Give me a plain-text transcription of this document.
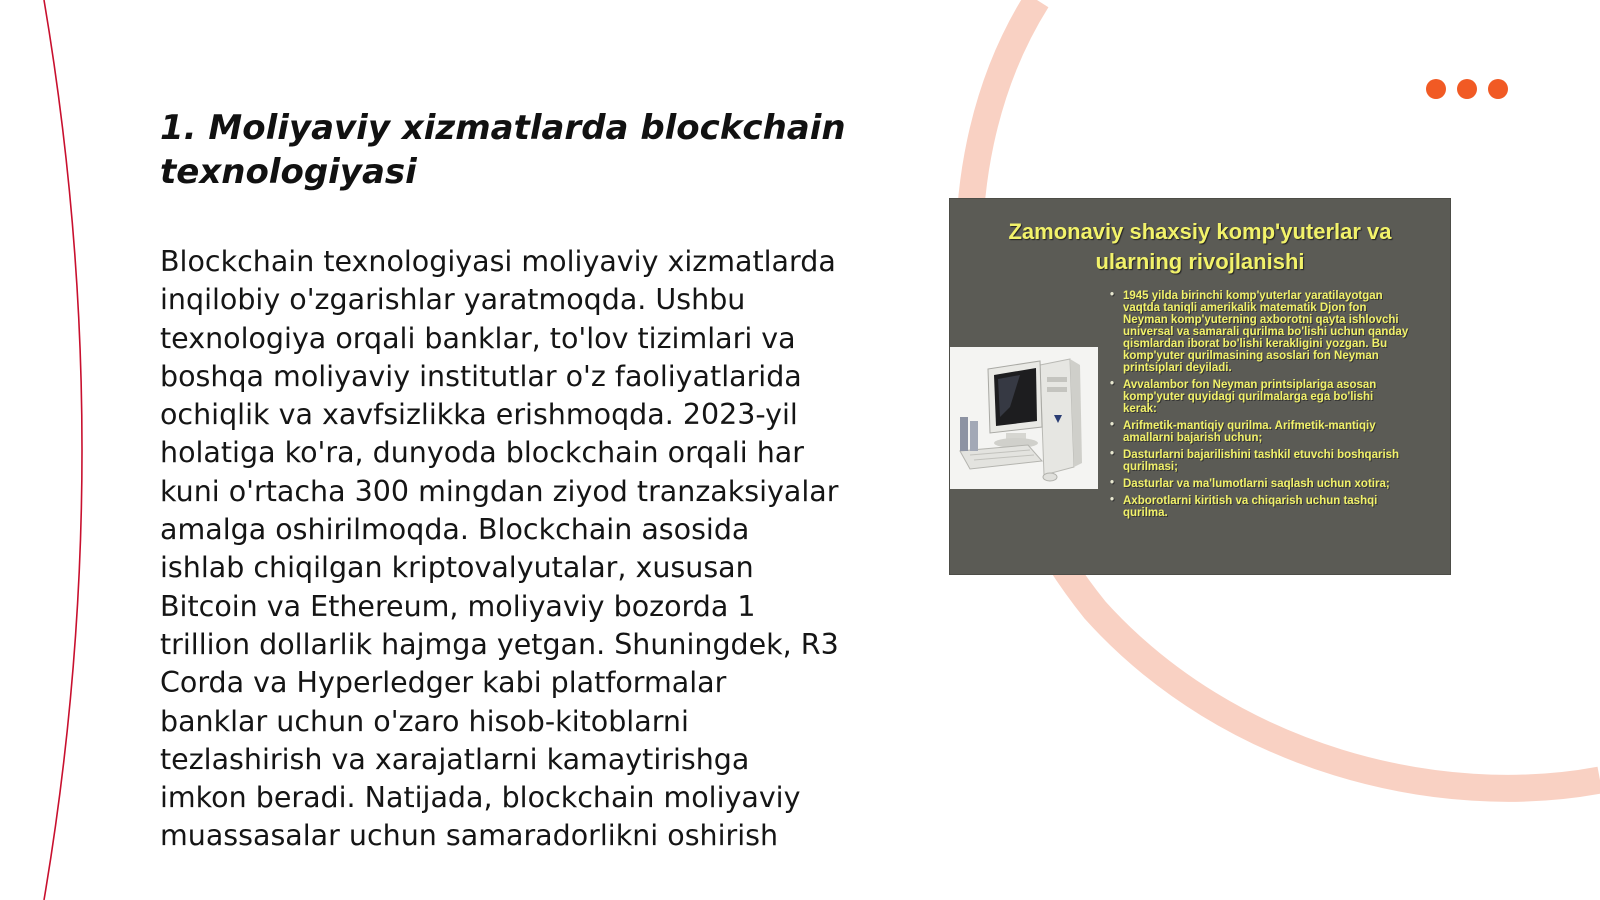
1. Moliyaviy xizmatlarda blockchain
texnologiyasi

Blockchain texnologiyasi moliyaviy xizmatlarda inqilobiy o'zgarishlar yaratmoqda. Ushbu texnologiya orqali banklar, to'lov tizimlari va boshqa moliyaviy institutlar o'z faoliyatlarida ochiqlik va xavfsizlikka erishmoqda. 2023-yil holatiga ko'ra, dunyoda blockchain orqali har kuni o'rtacha 300 mingdan ziyod tranzaksiyalar amalga oshirilmoqda. Blockchain asosida ishlab chiqilgan kriptovalyutalar, xususan Bitcoin va Ethereum, moliyaviy bozorda 1 trillion dollarlik hajmga yetgan. Shuningdek, R3 Corda va Hyperledger kabi platformalar banklar uchun o'zaro hisob-kitoblarni tezlashirish va xarajatlarni kamaytirishga imkon beradi. Natijada, blockchain moliyaviy muassasalar uchun samaradorlikni oshirish

Zamonaviy shaxsiy komp'yuterlar va
ularning rivojlanishi
• 1945 yilda birinchi komp'yuterlar yaratilayotgan vaqtda taniqli amerikalik matematik Djon fon Neyman komp'yuterning axborotni qayta ishlovchi universal va samarali qurilma bo'lishi uchun qanday qismlardan iborat bo'lishi kerakligini yozgan. Bu komp'yuter qurilmasining asoslari fon Neyman printsiplari deyiladi.
• Avvalambor fon Neyman printsiplariga asosan komp'yuter quyidagi qurilmalarga ega bo'lishi kerak:
• Arifmetik-mantiqiy qurilma. Arifmetik-mantiqiy amallarni bajarish uchun;
• Dasturlarni bajarilishini tashkil etuvchi boshqarish qurilmasi;
• Dasturlar va ma'lumotlarni saqlash uchun xotira;
• Axborotlarni kiritish va chiqarish uchun tashqi qurilma.
